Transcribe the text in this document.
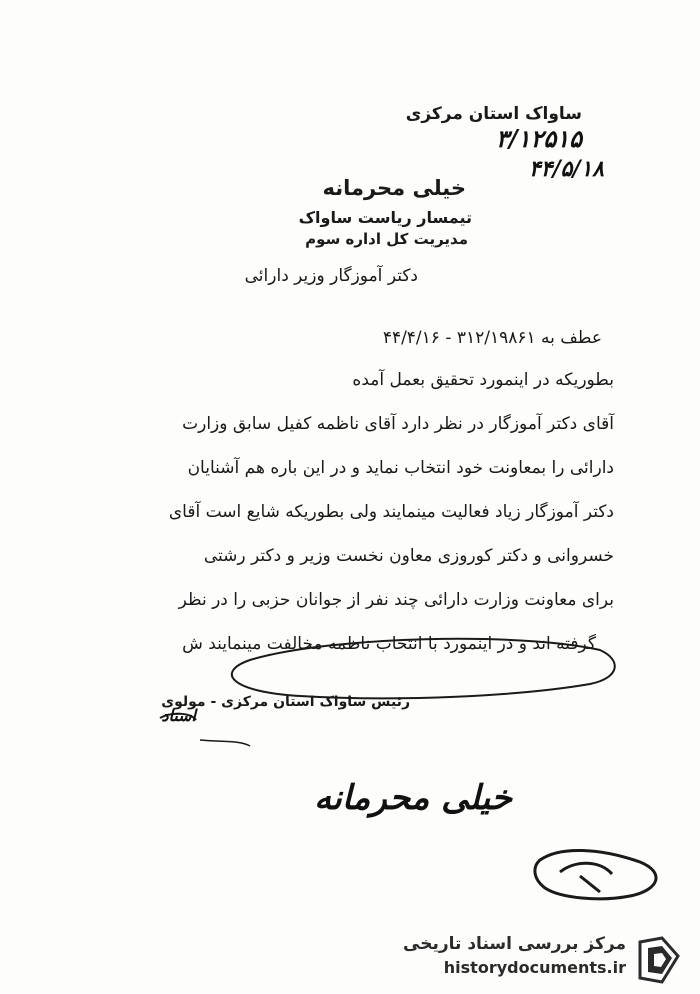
ساواک استان مرکزی
۳/۱۲۵۱۵
۴۴/۵/۱۸
خیلی محرمانه
تیمسار ریاست ساواک
مدیریت کل اداره سوم
دکتر آموزگار وزیر دارائی
عطف به ۳۱۲/۱۹۸۶۱ - ۴۴/۴/۱۶
بطوریکه در اینمورد تحقیق بعمل آمده
آقای دکتر آموزگار در نظر دارد آقای ناظمه کفیل سابق وزارت
دارائی را بمعاونت خود انتخاب نماید و در این باره هم آشنایان
دکتر آموزگار زیاد فعالیت مینمایند ولی بطوریکه شایع است آقای
خسروانی و دکتر کوروزی معاون نخست وزیر و دکتر رشتی
برای معاونت وزارت دارائی چند نفر از جوانان حزبی را در نظر
گرفته اند و در اینمورد با انتخاب ناظمه مخالفت مینمایند ش
رئیس ساواک استان مرکزی - مولوی
استاد
خیلی محرمانه
مرکز بررسی اسناد تاریخی
historydocuments.ir
